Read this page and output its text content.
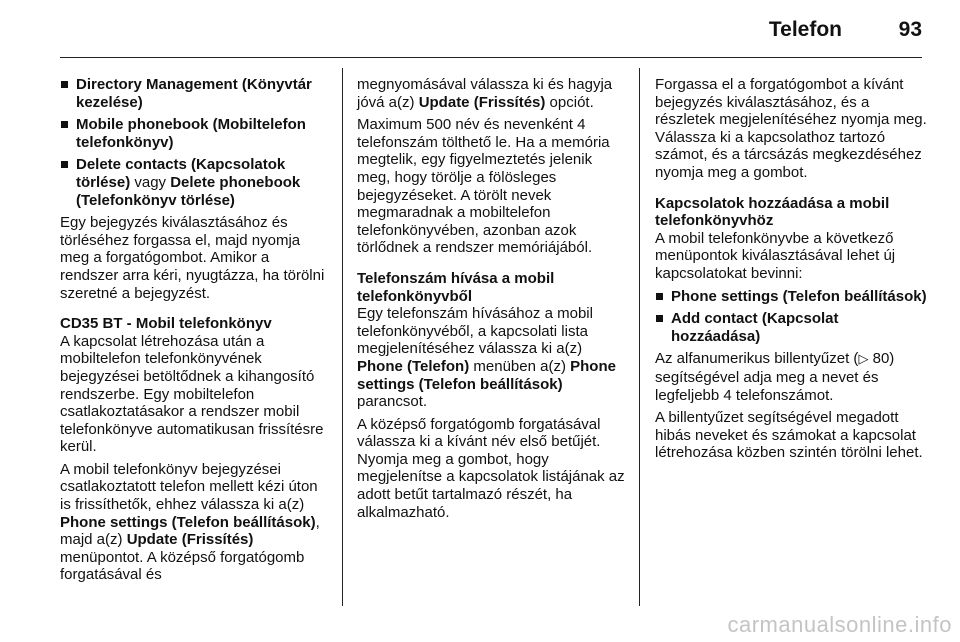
Telefon	93
Directory Management (Könyvtár kezelése)
Mobile phonebook (Mobiltelefon telefonkönyv)
Delete contacts (Kapcsolatok törlése) vagy Delete phonebook (Telefonkönyv törlése)

Egy bejegyzés kiválasztásához és törléséhez forgassa el, majd nyomja meg a forgatógombot. Amikor a rendszer arra kéri, nyugtázza, ha törölni szeretné a bejegyzést.

CD35 BT - Mobil telefonkönyv

A kapcsolat létrehozása után a mobiltelefon telefonkönyvének bejegyzései betöltődnek a kihangosító rendszerbe. Egy mobiltelefon csatlakoztatásakor a rendszer mobil telefonkönyve automatikusan frissítésre kerül.

A mobil telefonkönyv bejegyzései csatlakoztatott telefon mellett kézi úton is frissíthetők, ehhez válassza ki a(z) Phone settings (Telefon beállítások), majd a(z) Update (Frissítés) menüpontot. A középső forgatógomb forgatásával és

megnyomásával válassza ki és hagyja jóvá a(z) Update (Frissítés) opciót.

Maximum 500 név és nevenként 4 telefonszám tölthető le. Ha a memória megtelik, egy figyelmeztetés jelenik meg, hogy törölje a fölösleges bejegyzéseket. A törölt nevek megmaradnak a mobiltelefon telefonkönyvében, azonban azok törlődnek a rendszer memóriájából.

Telefonszám hívása a mobil telefonkönyvből

Egy telefonszám hívásához a mobil telefonkönyvéből, a kapcsolati lista megjelenítéséhez válassza ki a(z) Phone (Telefon) menüben a(z) Phone settings (Telefon beállítások) parancsot.

A középső forgatógomb forgatásával válassza ki a kívánt név első betűjét. Nyomja meg a gombot, hogy megjelenítse a kapcsolatok listájának az adott betűt tartalmazó részét, ha alkalmazható.

Forgassa el a forgatógombot a kívánt bejegyzés kiválasztásához, és a részletek megjelenítéséhez nyomja meg. Válassza ki a kapcsolathoz tartozó számot, és a tárcsázás megkezdéséhez nyomja meg a gombot.

Kapcsolatok hozzáadása a mobil telefonkönyvhöz

A mobil telefonkönyvbe a következő menüpontok kiválasztásával lehet új kapcsolatokat bevinni:

Phone settings (Telefon beállítások)
Add contact (Kapcsolat hozzáadása)

Az alfanumerikus billentyűzet (▷ 80) segítségével adja meg a nevet és legfeljebb 4 telefonszámot.

A billentyűzet segítségével megadott hibás neveket és számokat a kapcsolat létrehozása közben szintén törölni lehet.

carmanualsonline.info
